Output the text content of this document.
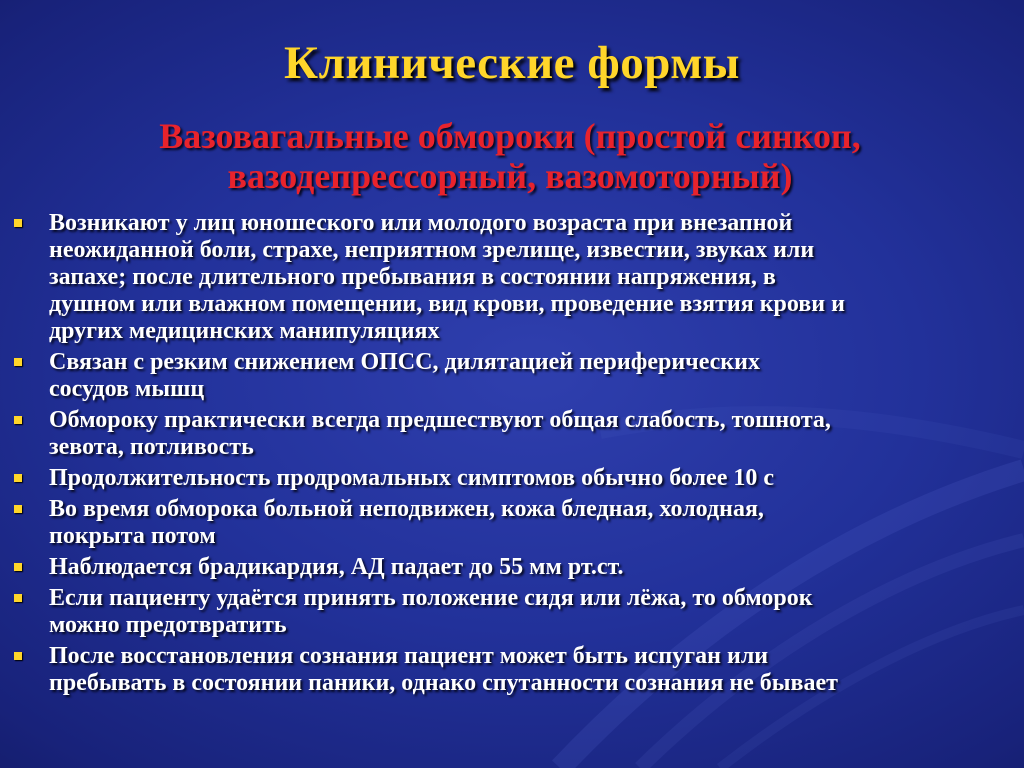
Клинические формы
Вазовагальные обмороки (простой синкоп,
вазодепрессорный, вазомоторный)
Возникают у лиц юношеского или молодого возраста при внезапной
неожиданной боли, страхе, неприятном зрелище, известии, звуках или
запахе; после длительного пребывания в состоянии напряжения, в
душном или влажном помещении, вид крови, проведение взятия крови и
других медицинских манипуляциях
Связан с резким снижением ОПСС, дилятацией периферических
сосудов мышц
Обмороку практически всегда предшествуют общая слабость, тошнота,
зевота, потливость
Продолжительность продромальных симптомов обычно более 10 с
Во время обморока больной неподвижен, кожа бледная, холодная,
покрыта потом
Наблюдается брадикардия, АД падает до 55 мм рт.ст.
Если пациенту удаётся принять положение сидя или лёжа, то обморок
можно предотвратить
После восстановления сознания пациент может быть испуган или
пребывать в состоянии паники, однако спутанности сознания не бывает
